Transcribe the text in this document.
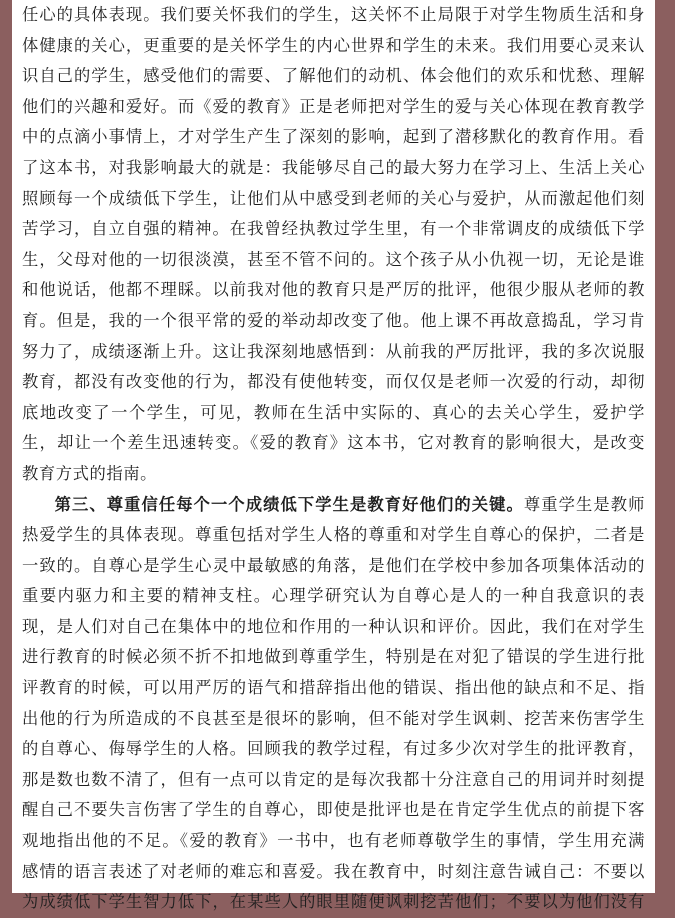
任心的具体表现。我们要关怀我们的学生，这关怀不止局限于对学生物质生活和身
体健康的关心，更重要的是关怀学生的内心世界和学生的未来。我们用要心灵来认
识自己的学生，感受他们的需要、了解他们的动机、体会他们的欢乐和忧愁、理解
他们的兴趣和爱好。而《爱的教育》正是老师把对学生的爱与关心体现在教育教学
中的点滴小事情上，才对学生产生了深刻的影响，起到了潜移默化的教育作用。看
了这本书，对我影响最大的就是：我能够尽自己的最大努力在学习上、生活上关心
照顾每一个成绩低下学生，让他们从中感受到老师的关心与爱护，从而激起他们刻
苦学习，自立自强的精神。在我曾经执教过学生里，有一个非常调皮的成绩低下学
生，父母对他的一切很淡漠，甚至不管不问的。这个孩子从小仇视一切，无论是谁
和他说话，他都不理睬。以前我对他的教育只是严厉的批评，他很少服从老师的教
育。但是，我的一个很平常的爱的举动却改变了他。他上课不再故意捣乱，学习肯
努力了，成绩逐渐上升。这让我深刻地感悟到：从前我的严厉批评，我的多次说服
教育，都没有改变他的行为，都没有使他转变，而仅仅是老师一次爱的行动，却彻
底地改变了一个学生，可见，教师在生活中实际的、真心的去关心学生，爱护学
生，却让一个差生迅速转变。《爱的教育》这本书，它对教育的影响很大，是改变
教育方式的指南。
第三、尊重信任每个一个成绩低下学生是教育好他们的关键。尊重学生是教师
热爱学生的具体表现。尊重包括对学生人格的尊重和对学生自尊心的保护，二者是
一致的。自尊心是学生心灵中最敏感的角落，是他们在学校中参加各项集体活动的
重要内驱力和主要的精神支柱。心理学研究认为自尊心是人的一种自我意识的表
现，是人们对自己在集体中的地位和作用的一种认识和评价。因此，我们在对学生
进行教育的时候必须不折不扣地做到尊重学生，特别是在对犯了错误的学生进行批
评教育的时候，可以用严厉的语气和措辞指出他的错误、指出他的缺点和不足、指
出他的行为所造成的不良甚至是很坏的影响，但不能对学生讽刺、挖苦来伤害学生
的自尊心、侮辱学生的人格。回顾我的教学过程，有过多少次对学生的批评教育，
那是数也数不清了，但有一点可以肯定的是每次我都十分注意自己的用词并时刻提
醒自己不要失言伤害了学生的自尊心，即使是批评也是在肯定学生优点的前提下客
观地指出他的不足。《爱的教育》一书中，也有老师尊敬学生的事情，学生用充满
感情的语言表述了对老师的难忘和喜爱。我在教育中，时刻注意告诫自己：不要以
为成绩低下学生智力低下，在某些人的眼里随便讽刺挖苦他们；不要以为他们没有
